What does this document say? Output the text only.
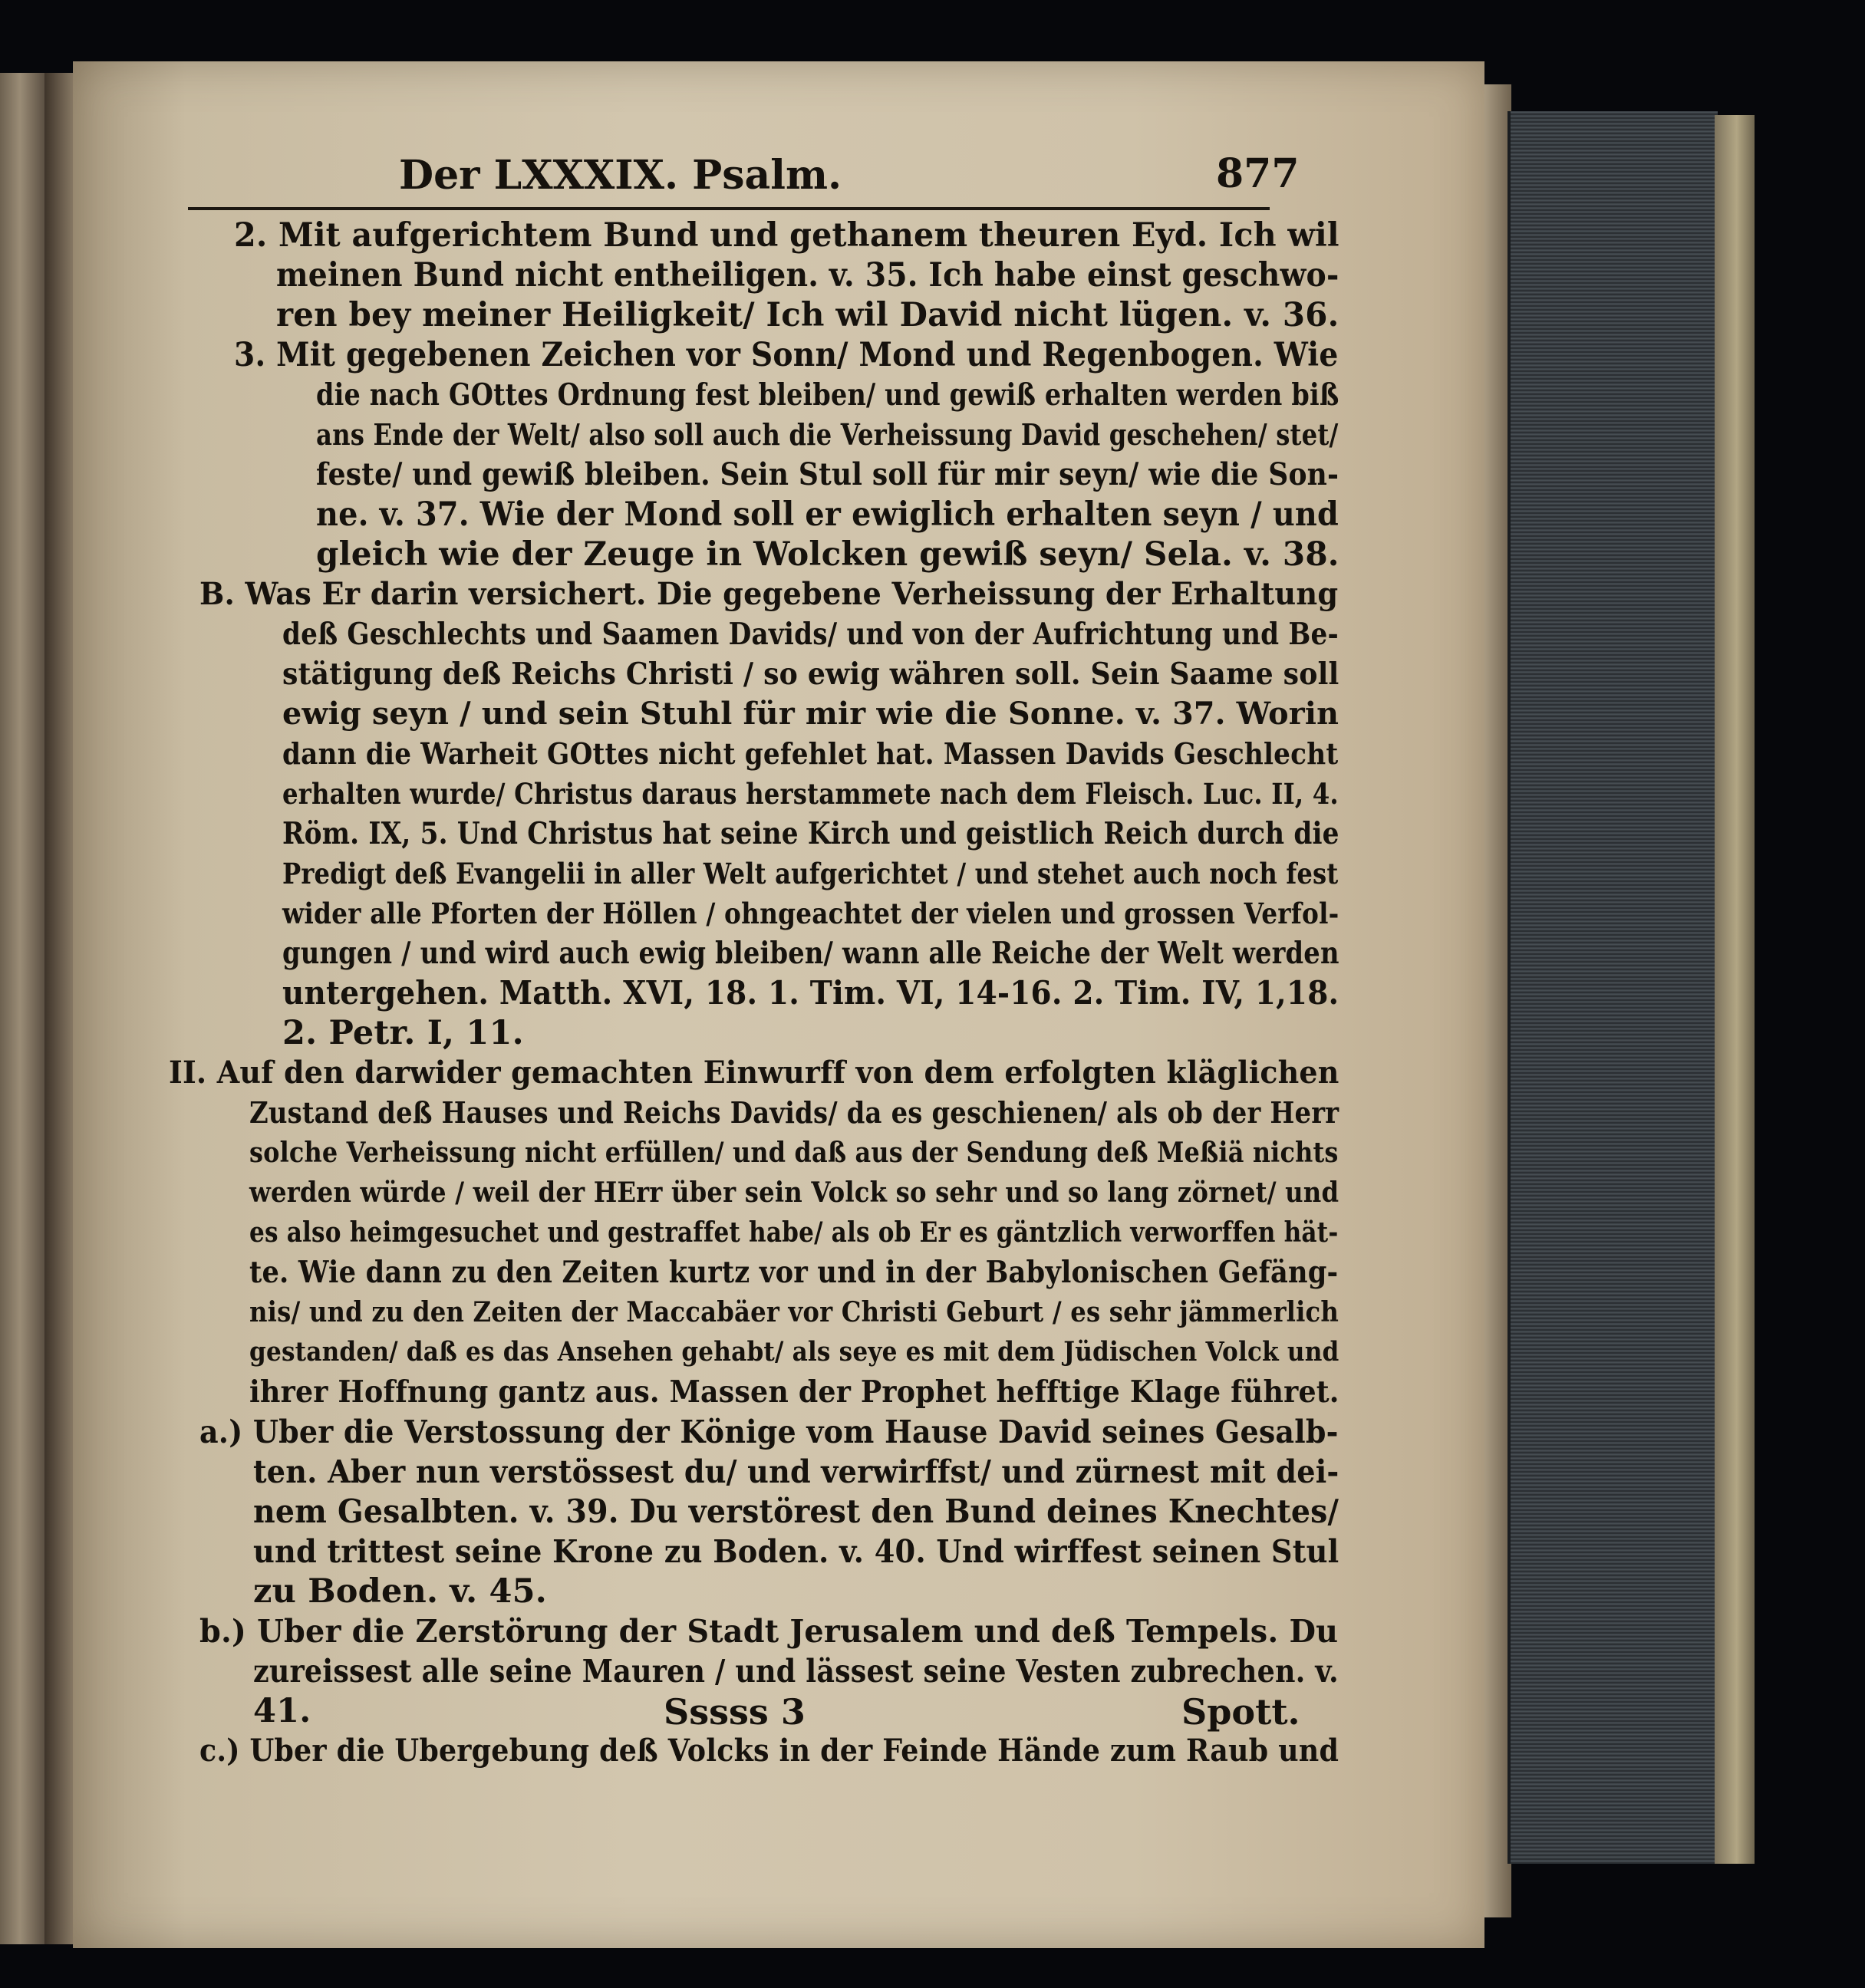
Der LXXXIX. Psalm.	877
2. Mit aufgerichtem Bund und gethanem theuren Eyd. Ich wil
meinen Bund nicht entheiligen. v. 35. Ich habe einst geschwo-
ren bey meiner Heiligkeit/ Ich wil David nicht lügen. v. 36.
3. Mit gegebenen Zeichen vor Sonn/ Mond und Regenbogen. Wie
die nach GOttes Ordnung fest bleiben/ und gewiß erhalten werden biß
ans Ende der Welt/ also soll auch die Verheissung David geschehen/ stet/
feste/ und gewiß bleiben. Sein Stul soll für mir seyn/ wie die Son-
ne. v. 37. Wie der Mond soll er ewiglich erhalten seyn / und
gleich wie der Zeuge in Wolcken gewiß seyn/ Sela. v. 38.
B. Was Er darin versichert. Die gegebene Verheissung der Erhaltung
deß Geschlechts und Saamen Davids/ und von der Aufrichtung und Be-
stätigung deß Reichs Christi / so ewig währen soll. Sein Saame soll
ewig seyn / und sein Stuhl für mir wie die Sonne. v. 37. Worin
dann die Warheit GOttes nicht gefehlet hat. Massen Davids Geschlecht
erhalten wurde/ Christus daraus herstammete nach dem Fleisch. Luc. II, 4.
Röm. IX, 5. Und Christus hat seine Kirch und geistlich Reich durch die
Predigt deß Evangelii in aller Welt aufgerichtet / und stehet auch noch fest
wider alle Pforten der Höllen / ohngeachtet der vielen und grossen Verfol-
gungen / und wird auch ewig bleiben/ wann alle Reiche der Welt werden
untergehen. Matth. XVI, 18. 1. Tim. VI, 14-16. 2. Tim. IV, 1,18.
2. Petr. I, 11.
II. Auf den darwider gemachten Einwurff von dem erfolgten kläglichen
Zustand deß Hauses und Reichs Davids/ da es geschienen/ als ob der Herr
solche Verheissung nicht erfüllen/ und daß aus der Sendung deß Meßiä nichts
werden würde / weil der HErr über sein Volck so sehr und so lang zörnet/ und
es also heimgesuchet und gestraffet habe/ als ob Er es gäntzlich verworffen hät-
te. Wie dann zu den Zeiten kurtz vor und in der Babylonischen Gefäng-
nis/ und zu den Zeiten der Maccabäer vor Christi Geburt / es sehr jämmerlich
gestanden/ daß es das Ansehen gehabt/ als seye es mit dem Jüdischen Volck und
ihrer Hoffnung gantz aus. Massen der Prophet hefftige Klage führet.
a.) Uber die Verstossung der Könige vom Hause David seines Gesalb-
ten. Aber nun verstössest du/ und verwirffst/ und zürnest mit dei-
nem Gesalbten. v. 39. Du verstörest den Bund deines Knechtes/
und trittest seine Krone zu Boden. v. 40. Und wirffest seinen Stul
zu Boden. v. 45.
b.) Uber die Zerstörung der Stadt Jerusalem und deß Tempels. Du
zureissest alle seine Mauren / und lässest seine Vesten zubrechen. v.
41.
c.) Uber die Ubergebung deß Volcks in der Feinde Hände zum Raub und
Sssss 3	Spott.
